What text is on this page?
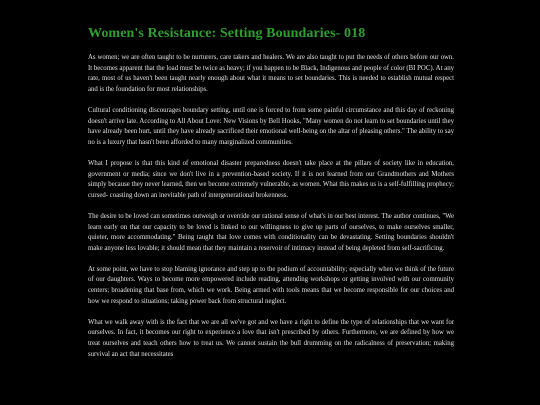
Women's Resistance: Setting Boundaries- 018

As women; we are often taught to be nurturers, care takers and healers. We are also taught to put the needs of others before our own. It becomes apparent that the load must be twice as heavy; if you happen to be Black, Indigenous and people of color (BI POC). At any rate, most of us haven't been taught nearly enough about what it means to set boundaries. This is needed to establish mutual respect and is the foundation for most relationships.

Cultural conditioning discourages boundary setting, until one is forced to from some painful circumstance and this day of reckoning doesn't arrive late. According to All About Love: New Visions by Bell Hooks, "Many women do not learn to set boundaries until they have already been hurt, until they have already sacrificed their emotional well-being on the altar of pleasing others." The ability to say no is a luxury that hasn't been afforded to many marginalized communities.

What I propose is that this kind of emotional disaster preparedness doesn't take place at the pillars of society like in education, government or media; since we don't live in a prevention-based society. If it is not learned from our Grandmothers and Mothers simply because they never learned, then we become extremely vulnerable, as women. What this makes us is a self-fulfilling prophecy; cursed- coasting down an inevitable path of intergenerational brokenness.

The desire to be loved can sometimes outweigh or override our rational sense of what's in our best interest. The author continues, "We learn early on that our capacity to be loved is linked to our willingness to give up parts of ourselves, to make ourselves smaller, quieter, more accommodating." Being taught that love comes with conditionality can be devastating. Setting boundaries shouldn't make anyone less lovable; it should mean that they maintain a reservoir of intimacy instead of being depleted from self-sacrificing.

At some point, we have to stop blaming ignorance and step up to the podium of accountability; especially when we think of the future of our daughters. Ways to become more empowered include reading, attending workshops or getting involved with our community centers; broadening that base from, which we work. Being armed with tools means that we become responsible for our choices and how we respond to situations; taking power back from structural neglect.

What we walk away with is the fact that we are all we've got and we have a right to define the type of relationships that we want for ourselves. In fact, it becomes our right to experience a love that isn't prescribed by others. Furthermore, we are defined by how we treat ourselves and teach others how to treat us. We cannot sustain the bull drumming on the radicalness of preservation; making survival an act that necessitates
